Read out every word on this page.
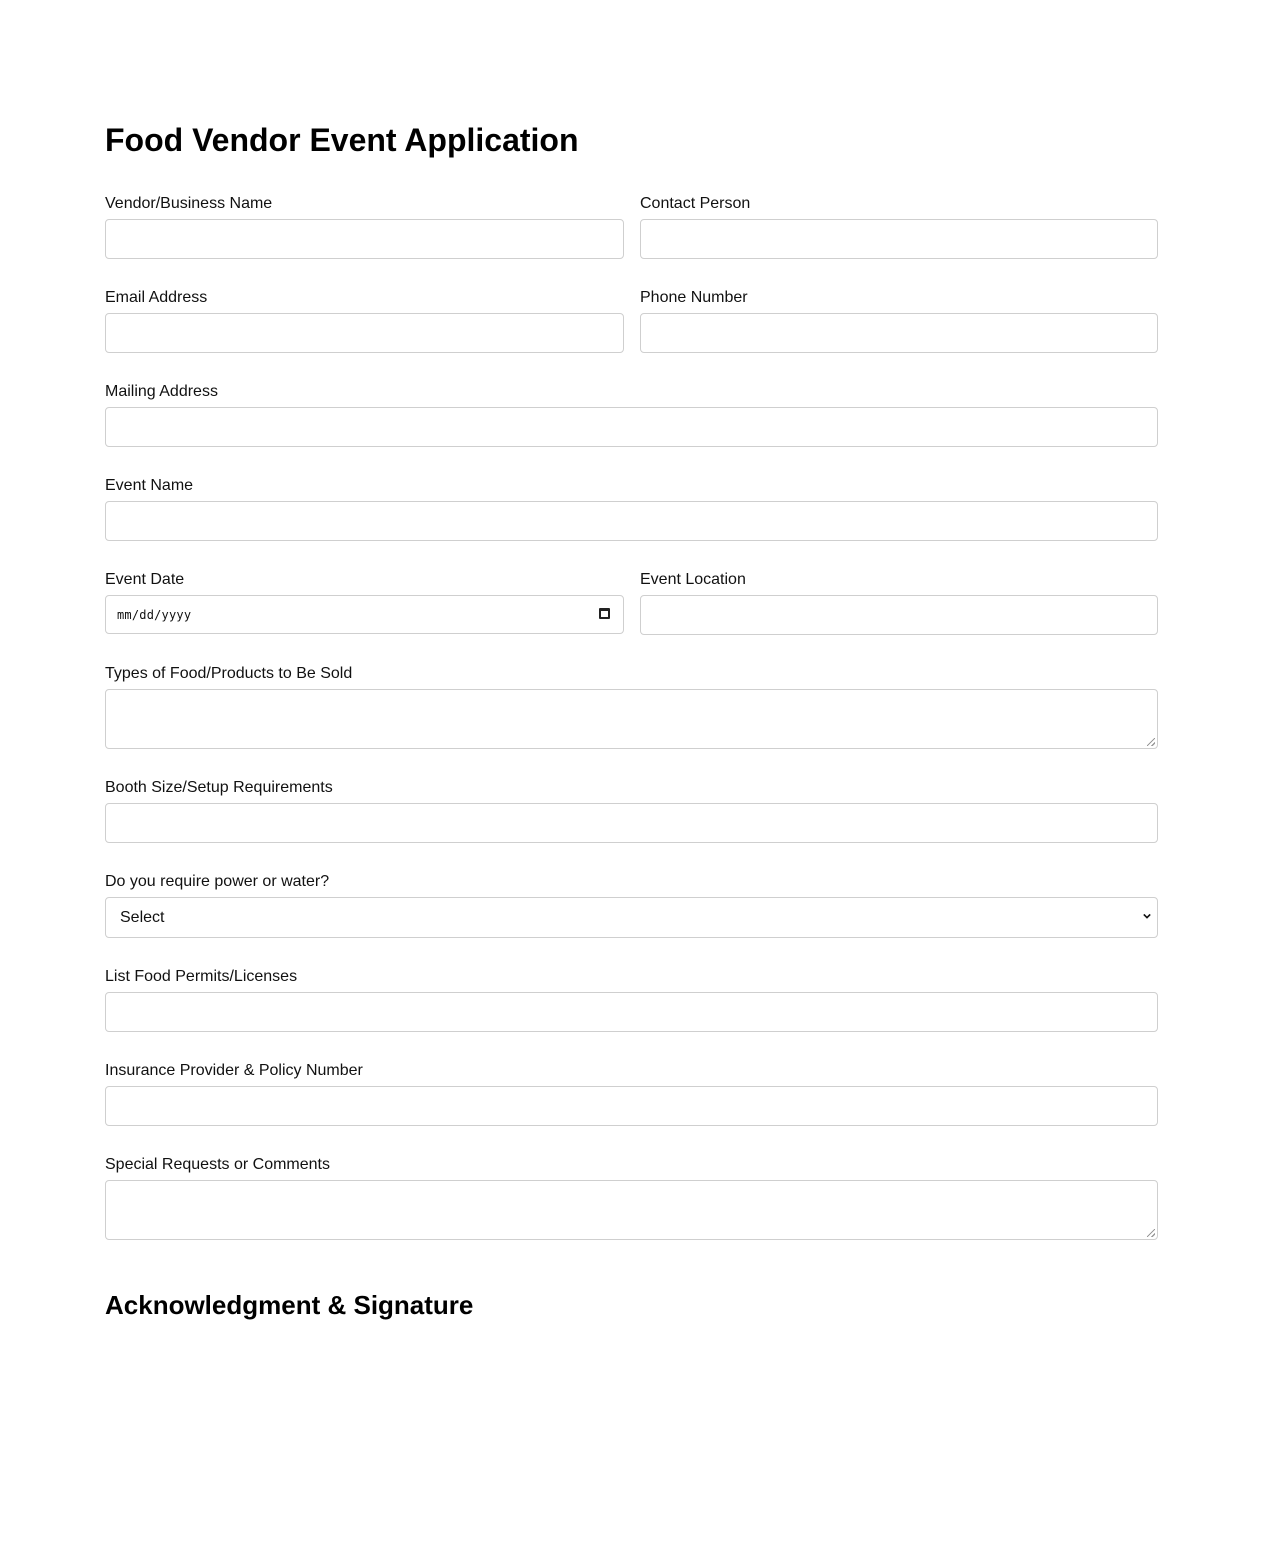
Food Vendor Event Application
Vendor/Business Name	Contact Person
Email Address	Phone Number
Mailing Address
Event Name
Event Date
mm/dd/yyyy
Event Location
Types of Food/Products to Be Sold
Booth Size/Setup Requirements
Do you require power or water?
Select
List Food Permits/Licenses
Insurance Provider & Policy Number
Special Requests or Comments
Acknowledgment & Signature
